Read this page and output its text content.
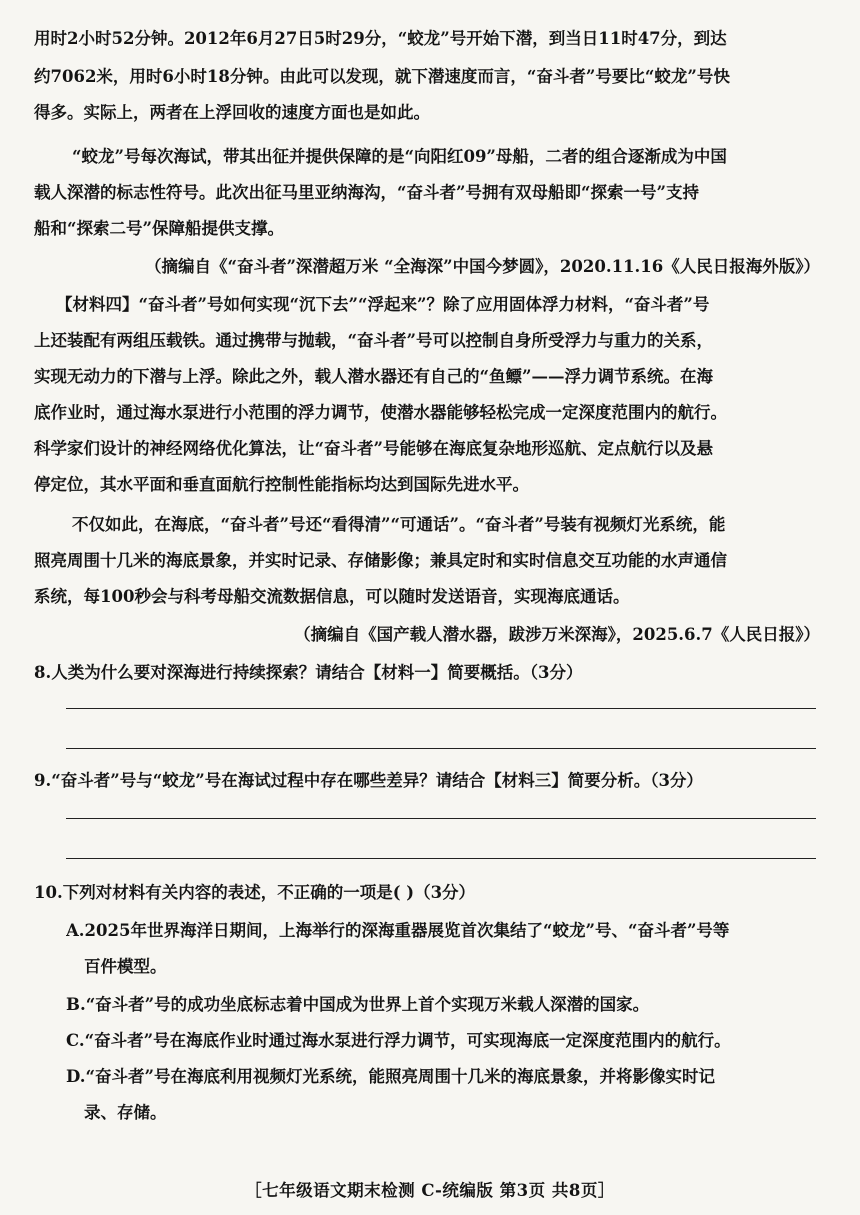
用时2小时52分钟。2012年6月27日5时29分，“蛟龙”号开始下潜，到当日11时47分，到达
约7062米，用时6小时18分钟。由此可以发现，就下潜速度而言，“奋斗者”号要比“蛟龙”号快
得多。实际上，两者在上浮回收的速度方面也是如此。
“蛟龙”号每次海试，带其出征并提供保障的是“向阳红09”母船，二者的组合逐渐成为中国
载人深潜的标志性符号。此次出征马里亚纳海沟，“奋斗者”号拥有双母船即“探索一号”支持
船和“探索二号”保障船提供支撑。
（摘编自《“奋斗者”深潜超万米 “全海深”中国今梦圆》，2020.11.16《人民日报海外版》）
【材料四】“奋斗者”号如何实现“沉下去”“浮起来”？除了应用固体浮力材料，“奋斗者”号
上还装配有两组压载铁。通过携带与抛载，“奋斗者”号可以控制自身所受浮力与重力的关系，
实现无动力的下潜与上浮。除此之外，载人潜水器还有自己的“鱼鳔”——浮力调节系统。在海
底作业时，通过海水泵进行小范围的浮力调节，使潜水器能够轻松完成一定深度范围内的航行。
科学家们设计的神经网络优化算法，让“奋斗者”号能够在海底复杂地形巡航、定点航行以及悬
停定位，其水平面和垂直面航行控制性能指标均达到国际先进水平。
不仅如此，在海底，“奋斗者”号还“看得清”“可通话”。“奋斗者”号装有视频灯光系统，能
照亮周围十几米的海底景象，并实时记录、存储影像；兼具定时和实时信息交互功能的水声通信
系统，每100秒会与科考母船交流数据信息，可以随时发送语音，实现海底通话。
（摘编自《国产载人潜水器，跋涉万米深海》，2025.6.7《人民日报》）
8.人类为什么要对深海进行持续探索？请结合【材料一】简要概括。（3分）
9.“奋斗者”号与“蛟龙”号在海试过程中存在哪些差异？请结合【材料三】简要分析。（3分）
10.下列对材料有关内容的表述，不正确的一项是( )（3分）
A.2025年世界海洋日期间，上海举行的深海重器展览首次集结了“蛟龙”号、“奋斗者”号等
百件模型。
B.“奋斗者”号的成功坐底标志着中国成为世界上首个实现万米载人深潜的国家。
C.“奋斗者”号在海底作业时通过海水泵进行浮力调节，可实现海底一定深度范围内的航行。
D.“奋斗者”号在海底利用视频灯光系统，能照亮周围十几米的海底景象，并将影像实时记
录、存储。
［七年级语文期末检测 C-统编版 第3页 共8页］
